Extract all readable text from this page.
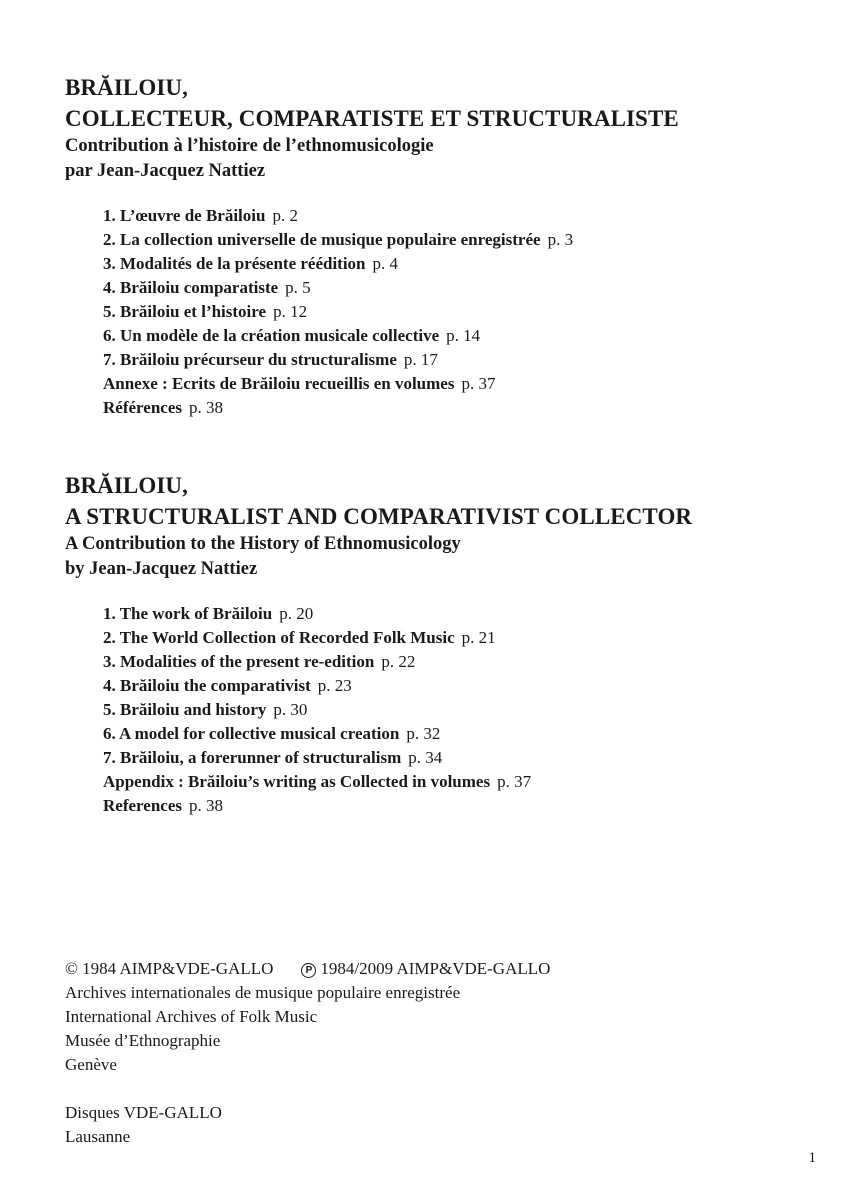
BRĂILOIU,
COLLECTEUR, COMPARATISTE ET STRUCTURALISTE

Contribution à l’histoire de l’ethnomusicologie

par Jean-Jacquez Nattiez

1. L’œuvre de Brăiloiu p. 2
2. La collection universelle de musique populaire enregistrée p. 3
3. Modalités de la présente réédition p. 4
4. Brăiloiu comparatiste p. 5
5. Brăiloiu et l’histoire p. 12
6. Un modèle de la création musicale collective p. 14
7. Brăiloiu précurseur du structuralisme p. 17
Annexe : Ecrits de Brăiloiu recueillis en volumes p. 37
Références p. 38
BRĂILOIU,
A STRUCTURALIST AND COMPARATIVIST COLLECTOR

A Contribution to the History of Ethnomusicology

by Jean-Jacquez Nattiez

1. The work of Brăiloiu p. 20
2. The World Collection of Recorded Folk Music p. 21
3. Modalities of the present re-edition p. 22
4. Brăiloiu the comparativist p. 23
5. Brăiloiu and history p. 30
6. A model for collective musical creation p. 32
7. Brăiloiu, a forerunner of structuralism p. 34
Appendix : Brăiloiu’s writing as Collected in volumes p. 37
References p. 38

© 1984 AIMP&VDE-GALLO	P 1984/2009 AIMP&VDE-GALLO

Archives internationales de musique populaire enregistrée

International Archives of Folk Music

Musée d’Ethnographie

Genève

Disques VDE-GALLO

Lausanne

1
